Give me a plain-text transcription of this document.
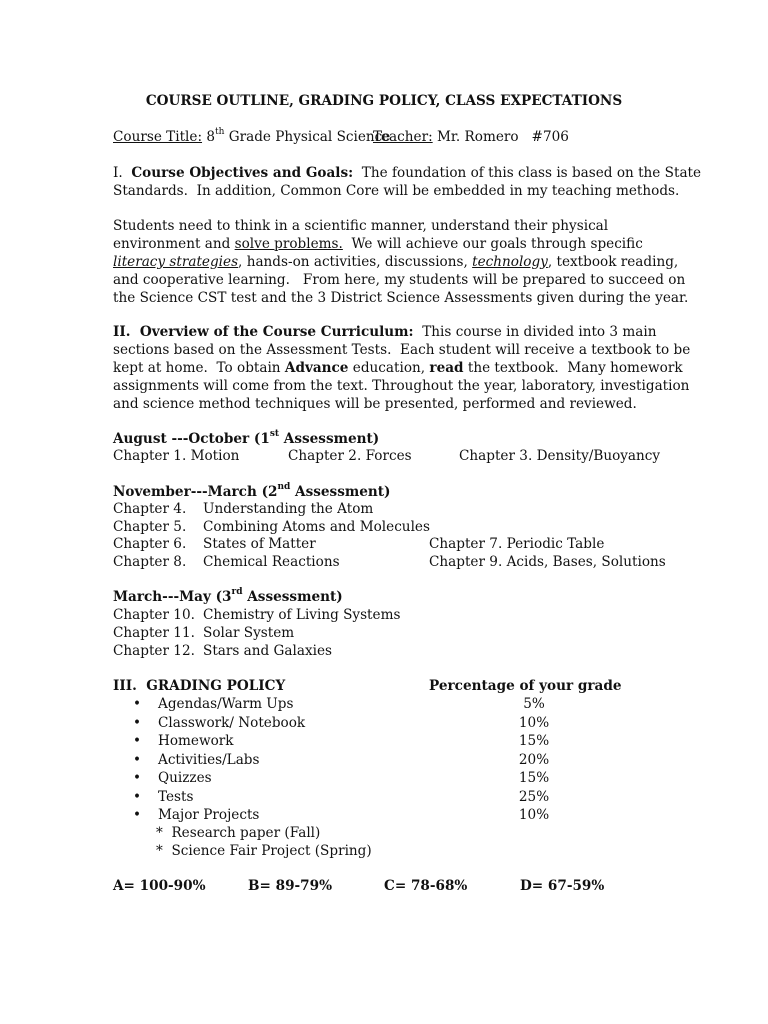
COURSE OUTLINE, GRADING POLICY, CLASS EXPECTATIONS
Course Title: 8th Grade Physical Science
Teacher: Mr. Romero   #706
I. Course Objectives and Goals: The foundation of this class is based on the State
Standards.  In addition, Common Core will be embedded in my teaching methods.
Students need to think in a scientific manner, understand their physical
environment and solve problems.  We will achieve our goals through specific
literacy strategies, hands-on activities, discussions, technology, textbook reading,
and cooperative learning.   From here, my students will be prepared to succeed on
the Science CST test and the 3 District Science Assessments given during the year.
II.  Overview of the Course Curriculum: This course in divided into 3 main
sections based on the Assessment Tests.  Each student will receive a textbook to be
kept at home.  To obtain Advance education, read the textbook.  Many homework
assignments will come from the text. Throughout the year, laboratory, investigation
and science method techniques will be presented, performed and reviewed.
August ---October (1st Assessment)
Chapter 1. Motion	Chapter 2. Forces	Chapter 3. Density/Buoyancy
November---March (2nd Assessment)
Chapter 4. Understanding the Atom
Chapter 5. Combining Atoms and Molecules
Chapter 6. States of Matter	Chapter 7. Periodic Table
Chapter 8. Chemical Reactions	Chapter 9. Acids, Bases, Solutions
March---May (3rd Assessment)
Chapter 10. Chemistry of Living Systems
Chapter 11. Solar System
Chapter 12. Stars and Galaxies
III.  GRADING POLICY	Percentage of your grade
• Agendas/Warm Ups	5%
• Classwork/ Notebook	10%
• Homework	15%
• Activities/Labs	20%
• Quizzes	15%
• Tests	25%
• Major Projects	10%
*  Research paper (Fall)
*  Science Fair Project (Spring)
A= 100-90%	B= 89-79%	C= 78-68%	D= 67-59%
